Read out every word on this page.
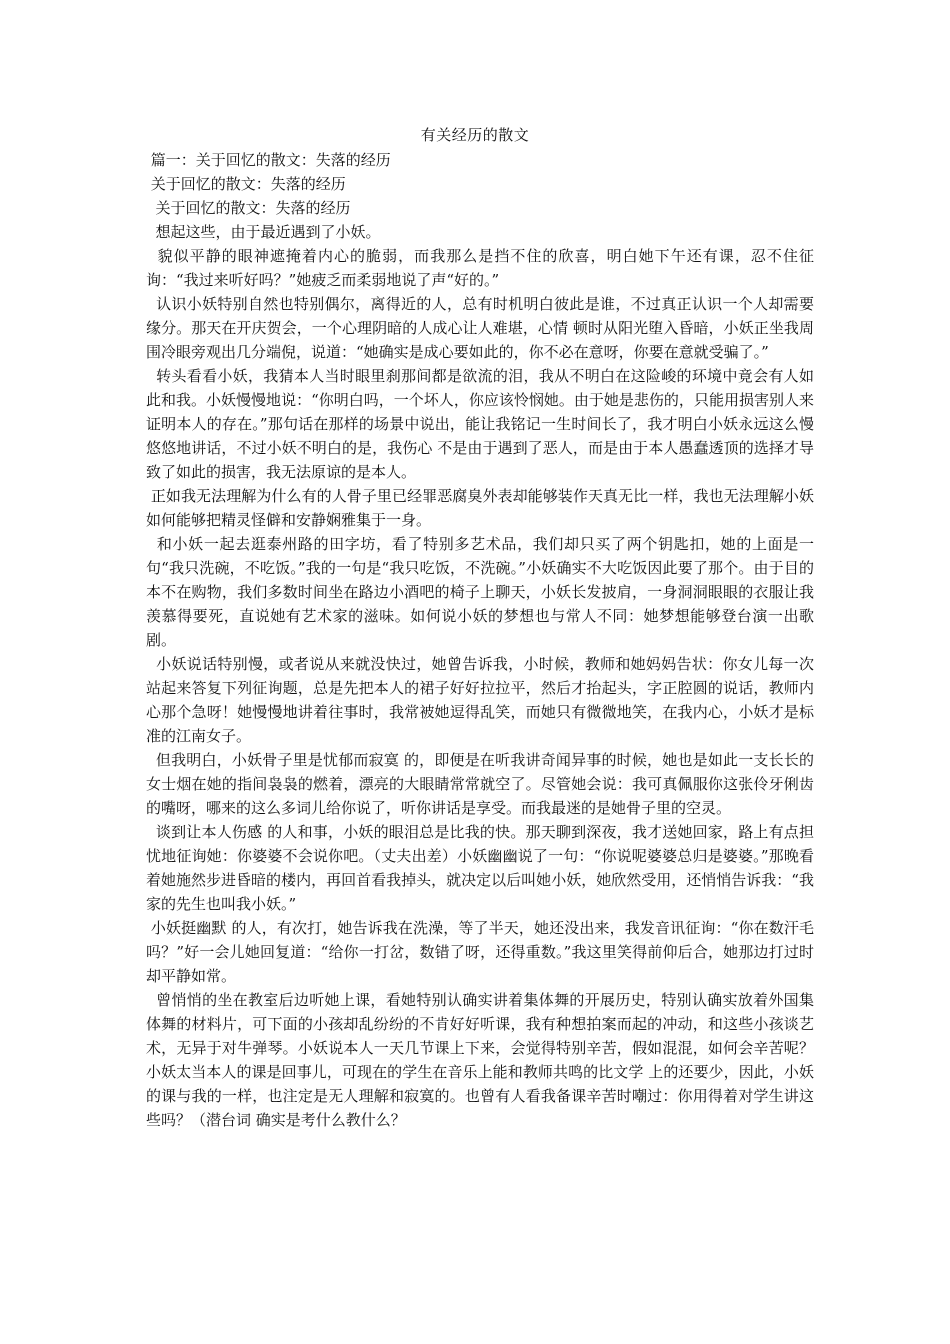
有关经历的散文

篇一：关于回忆的散文：失落的经历

关于回忆的散文：失落的经历

关于回忆的散文：失落的经历

想起这些，由于最近遇到了小妖。

貌似平静的眼神遮掩着内心的脆弱，而我那么是挡不住的欣喜，明白她下午还有课，忍不住征询：“我过来听好吗？”她疲乏而柔弱地说了声“好的。”

认识小妖特别自然也特别偶尔，离得近的人，总有时机明白彼此是谁，不过真正认识一个人却需要缘分。那天在开庆贺会，一个心理阴暗的人成心让人难堪，心情 顿时从阳光堕入昏暗，小妖正坐我周围冷眼旁观出几分端倪，说道：“她确实是成心要如此的，你不必在意呀，你要在意就受骗了。”

转头看看小妖，我猜本人当时眼里刹那间都是欲流的泪，我从不明白在这险峻的环境中竟会有人如此和我。小妖慢慢地说：“你明白吗，一个坏人，你应该怜悯她。由于她是悲伤的，只能用损害别人来证明本人的存在。”那句话在那样的场景中说出，能让我铭记一生时间长了，我才明白小妖永远这么慢悠悠地讲话，不过小妖不明白的是，我伤心 不是由于遇到了恶人，而是由于本人愚蠢透顶的选择才导致了如此的损害，我无法原谅的是本人。

正如我无法理解为什么有的人骨子里已经罪恶腐臭外表却能够装作天真无比一样，我也无法理解小妖如何能够把精灵怪僻和安静娴雅集于一身。

和小妖一起去逛泰州路的田字坊，看了特别多艺术品，我们却只买了两个钥匙扣，她的上面是一句“我只洗碗，不吃饭。”我的一句是“我只吃饭，不洗碗。”小妖确实不大吃饭因此要了那个。由于目的本不在购物，我们多数时间坐在路边小酒吧的椅子上聊天，小妖长发披肩，一身洞洞眼眼的衣服让我羡慕得要死，直说她有艺术家的滋味。如何说小妖的梦想也与常人不同：她梦想能够登台演一出歌剧。

小妖说话特别慢，或者说从来就没快过，她曾告诉我，小时候，教师和她妈妈告状：你女儿每一次站起来答复下列征询题，总是先把本人的裙子好好拉拉平，然后才抬起头，字正腔圆的说话，教师内心那个急呀！她慢慢地讲着往事时，我常被她逗得乱笑，而她只有微微地笑，在我内心，小妖才是标准的江南女子。

但我明白，小妖骨子里是忧郁而寂寞 的，即便是在听我讲奇闻异事的时候，她也是如此一支长长的女士烟在她的指间袅袅的燃着，漂亮的大眼睛常常就空了。尽管她会说：我可真佩服你这张伶牙俐齿的嘴呀，哪来的这么多词儿给你说了，听你讲话是享受。而我最迷的是她骨子里的空灵。

谈到让本人伤感 的人和事，小妖的眼泪总是比我的快。那天聊到深夜，我才送她回家，路上有点担忧地征询她：你婆婆不会说你吧。（丈夫出差）小妖幽幽说了一句：“你说呢婆婆总归是婆婆。”那晚看着她施然步进昏暗的楼内，再回首看我掉头，就决定以后叫她小妖，她欣然受用，还悄悄告诉我：“我家的先生也叫我小妖。”

小妖挺幽默 的人，有次打，她告诉我在洗澡，等了半天，她还没出来，我发音讯征询：“你在数汗毛吗？”好一会儿她回复道：“给你一打岔，数错了呀，还得重数。”我这里笑得前仰后合，她那边打过时却平静如常。

曾悄悄的坐在教室后边听她上课，看她特别认确实讲着集体舞的开展历史，特别认确实放着外国集体舞的材料片，可下面的小孩却乱纷纷的不肯好好听课，我有种想拍案而起的冲动，和这些小孩谈艺术，无异于对牛弹琴。小妖说本人一天几节课上下来，会觉得特别辛苦，假如混混，如何会辛苦呢？小妖太当本人的课是回事儿，可现在的学生在音乐上能和教师共鸣的比文学 上的还要少，因此，小妖的课与我的一样，也注定是无人理解和寂寞的。也曾有人看我备课辛苦时嘲过：你用得着对学生讲这些吗？（潜台词 确实是考什么教什么？
